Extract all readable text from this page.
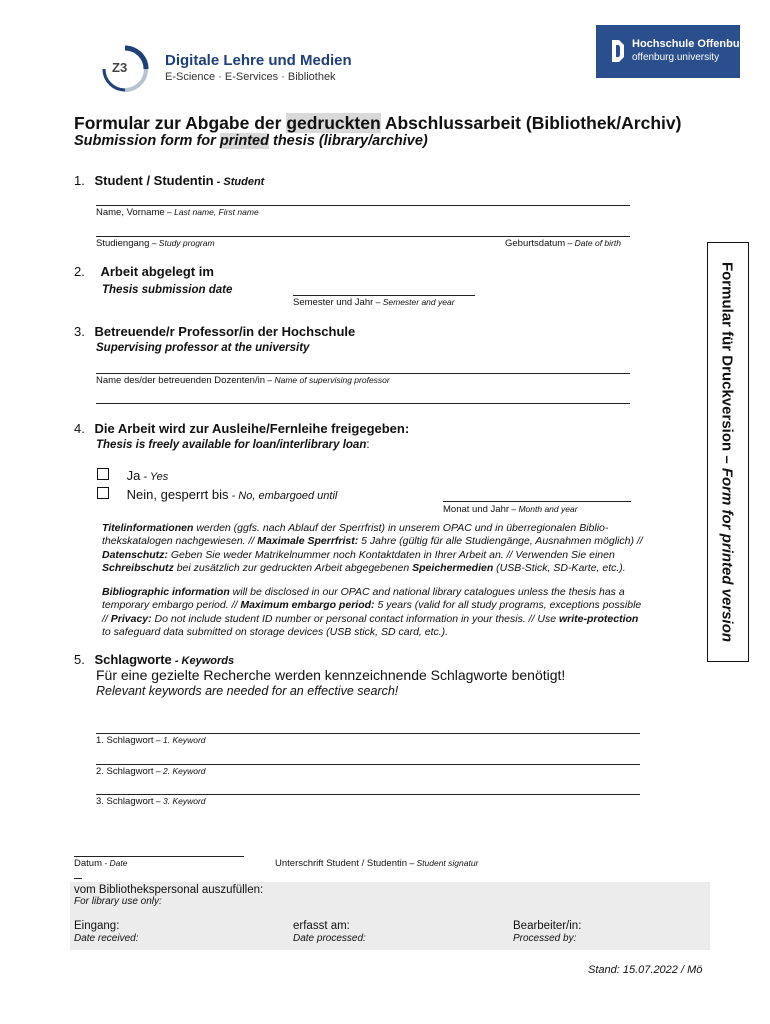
Z3	Digitale Lehre und Medien
E-Science · E-Services · Bibliothek
Hochschule Offenburg
offenburg.university
Formular zur Abgabe der gedruckten Abschlussarbeit (Bibliothek/Archiv)
Submission form for printed thesis (library/archive)
Formular für Druckversion – Form for printed version
1. Student / Studentin - Student
Name, Vorname – Last name, First name
Studiengang – Study program	Geburtsdatum – Date of birth
2. Arbeit abgelegt im
Thesis submission date
Semester und Jahr – Semester and year
3. Betreuende/r Professor/in der Hochschule
Supervising professor at the university
Name des/der betreuenden Dozenten/in – Name of supervising professor
4. Die Arbeit wird zur Ausleihe/Fernleihe freigegeben:
Thesis is freely available for loan/interlibrary loan:
Ja - Yes
Nein, gesperrt bis - No, embargoed until
Monat und Jahr – Month and year
Titelinformationen werden (ggfs. nach Ablauf der Sperrfrist) in unserem OPAC und in überregionalen Biblio-
thekskatalogen nachgewiesen. // Maximale Sperrfrist: 5 Jahre (gültig für alle Studiengänge, Ausnahmen möglich) //
Datenschutz: Geben Sie weder Matrikelnummer noch Kontaktdaten in Ihrer Arbeit an. // Verwenden Sie einen
Schreibschutz bei zusätzlich zur gedruckten Arbeit abgegebenen Speichermedien (USB-Stick, SD-Karte, etc.).
Bibliographic information will be disclosed in our OPAC and national library catalogues unless the thesis has a
temporary embargo period. // Maximum embargo period: 5 years (valid for all study programs, exceptions possible
// Privacy: Do not include student ID number or personal contact information in your thesis. // Use write-protection
to safeguard data submitted on storage devices (USB stick, SD card, etc.).
5. Schlagworte - Keywords
Für eine gezielte Recherche werden kennzeichnende Schlagworte benötigt!
Relevant keywords are needed for an effective search!
1. Schlagwort – 1. Keyword
2. Schlagwort – 2. Keyword
3. Schlagwort – 3. Keyword
Datum - Date	Unterschrift Student / Studentin – Student signatur
vom Bibliothekspersonal auszufüllen:
For library use only:
Eingang:
Date received:
erfasst am:
Date processed:
Bearbeiter/in:
Processed by:
Stand: 15.07.2022 / Mö
